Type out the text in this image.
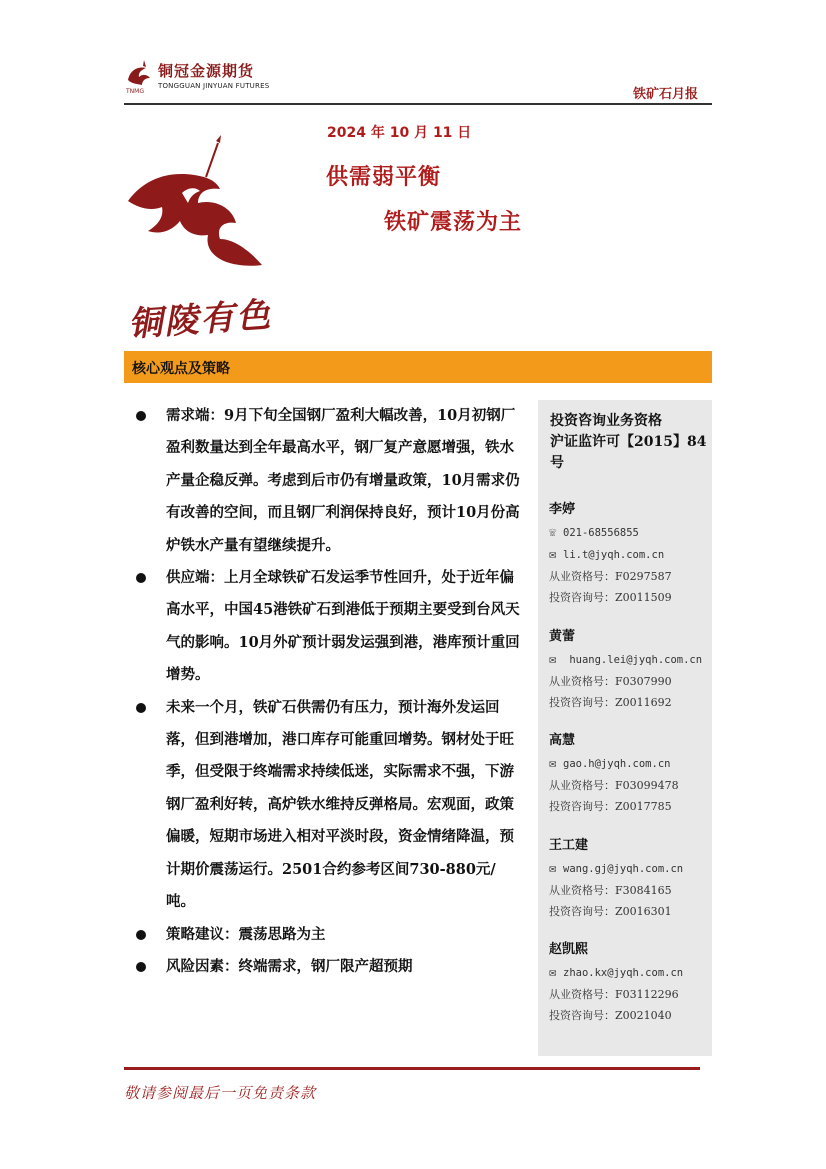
铜冠金源期货
TONGGUAN JINYUAN FUTURES
TNMG	铁矿石月报
铜陵有色
2024 年 10 月 11 日
供需弱平衡
铁矿震荡为主
核心观点及策略
需求端：9月下旬全国钢厂盈利大幅改善，10月初钢厂盈利数量达到全年最高水平，钢厂复产意愿增强，铁水产量企稳反弹。考虑到后市仍有增量政策，10月需求仍有改善的空间，而且钢厂利润保持良好，预计10月份高炉铁水产量有望继续提升。
供应端：上月全球铁矿石发运季节性回升，处于近年偏高水平，中国45港铁矿石到港低于预期主要受到台风天气的影响。10月外矿预计弱发运强到港，港库预计重回增势。
未来一个月，铁矿石供需仍有压力，预计海外发运回落，但到港增加，港口库存可能重回增势。钢材处于旺季，但受限于终端需求持续低迷，实际需求不强，下游钢厂盈利好转，高炉铁水维持反弹格局。宏观面，政策偏暖，短期市场进入相对平淡时段，资金情绪降温，预计期价震荡运行。2501合约参考区间730-880元/吨。
策略建议：震荡思路为主
风险因素：终端需求，钢厂限产超预期
投资咨询业务资格
沪证监许可【2015】84 号
李婷
☏ 021-68556855
✉ li.t@jyqh.com.cn
从业资格号：F0297587
投资咨询号：Z0011509
黄蕾
✉ huang.lei@jyqh.com.cn
从业资格号：F0307990
投资咨询号：Z0011692
高慧
✉ gao.h@jyqh.com.cn
从业资格号：F03099478
投资咨询号：Z0017785
王工建
✉ wang.gj@jyqh.com.cn
从业资格号：F3084165
投资咨询号：Z0016301
赵凯熙
✉ zhao.kx@jyqh.com.cn
从业资格号：F03112296
投资咨询号：Z0021040
敬请参阅最后一页免责条款
